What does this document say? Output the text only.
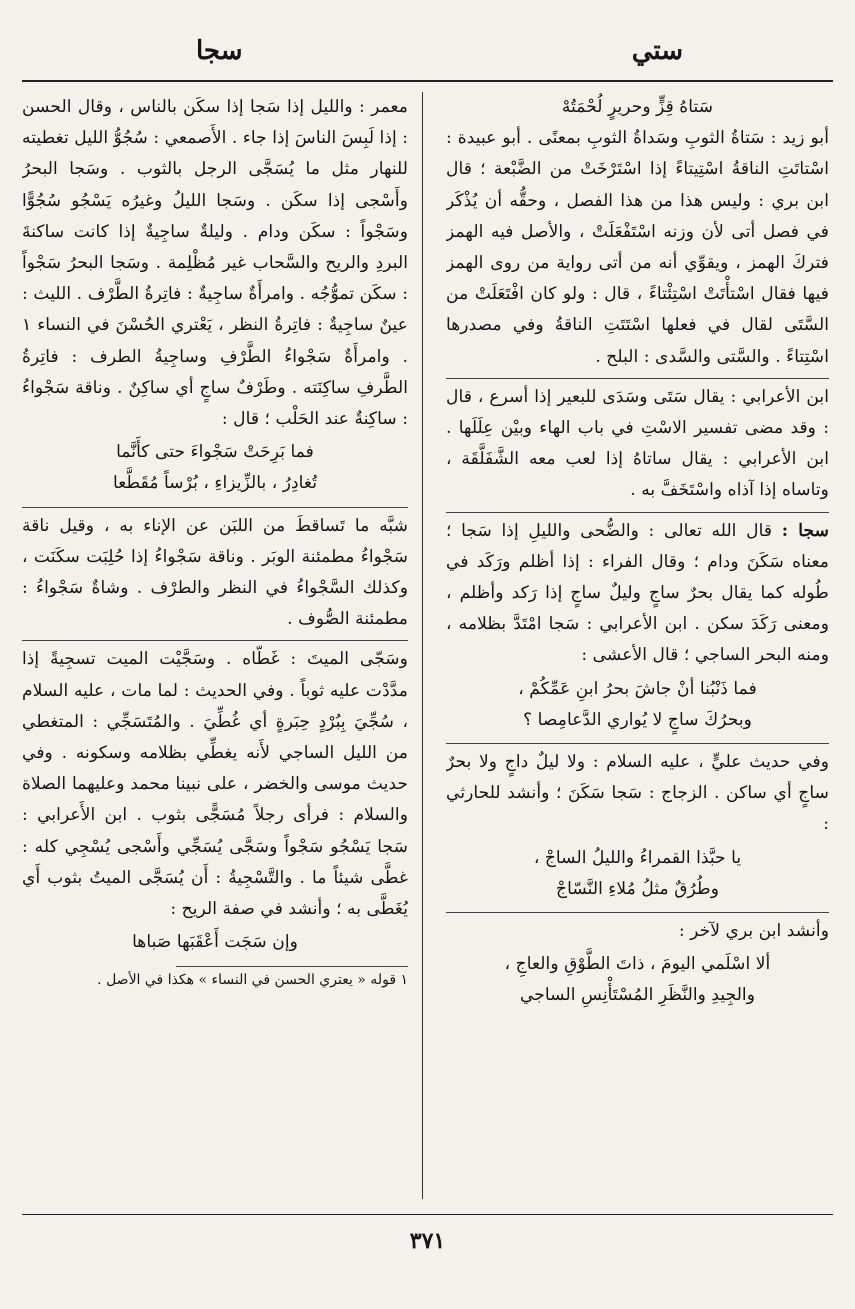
ستي
سجا

سَتاهُ قِزٍّ وحريرٍ لُحْمَتُهْ

أبو زيد : سَتاةُ الثوبِ وسَداةُ الثوبِ بمعنًى . أبو عبيدة : اسْتاتَتِ الناقةُ اسْتِيتاءً إذا اسْتَرْخَتْ من الضَّبْعة ؛ قال ابن بري : وليس هذا من هذا الفصل ، وحقُّه أن يُذْكَر في فصل أتى لأن وزنه اسْتَفْعَلَتْ ، والأصل فيه الهمز فتركَ الهمز ، ويقوِّي أنه من أتى رواية من روى الهمز فيها فقال اسْتأْتَتْ اسْتِئْتاءً ، قال : ولو كان افْتَعَلَتْ من السَّتَى لقال في فعلها اسْتَتَتِ الناقةُ وفي مصدرها اسْتِتاءً . والسَّتى والسَّدى : البلح .

ابن الأعرابي : يقال سَتَى وسَدَى للبعير إذا أسرع ، قال : وقد مضى تفسير الاسْتِ في باب الهاء وبيْن عِلَلَها . ابن الأعرابي : يقال ساتاهُ إذا لعب معه الشَّفَلَّقَة ، وتاساه إذا آذاه واسْتَخَفَّ به .

سجا : قال الله تعالى : والضُّحى والليلِ إذا سَجا ؛ معناه سَكَنَ ودام ؛ وقال الفراء : إذا أظلم ورَكَد في طُوله كما يقال بحرٌ ساجٍ وليلٌ ساجٍ إذا رَكد وأظلم ، ومعنى رَكَدَ سكن . ابن الأعرابي : سَجا امْتَدَّ بظلامه ، ومنه البحر الساجي ؛ قال الأعشى :

فما ذَنْبُنا أنْ جاشَ بحرُ ابنِ عَمِّكُمْ ،
وبحرُكَ ساجٍ لا يُواري الدَّعامِصا ؟

وفي حديث عليٍّ ، عليه السلام : ولا ليلٌ داجٍ ولا بحرٌ ساجٍ أي ساكن . الزجاج : سَجا سَكَنَ ؛ وأنشد للحارثي :

يا حبَّذا القمراءُ والليلُ الساجْ ،
وطُرُقٌ مثلُ مُلاءِ النَّسّاجْ

وأنشد ابن بري لآخر :

ألا اسْلَمي اليومَ ، ذاتَ الطَّوْقِ والعاجِ ،
والجِيدِ والنَّظَرِ المُسْتَأْنِسِ الساجي

معمر : والليل إذا سَجا إذا سكَن بالناس ، وقال الحسن : إذا لَبِسَ الناسَ إذا جاء . الأَصمعي : سُجُوُّ الليل تغطيته للنهار مثل ما يُسَجَّى الرجل بالثوب . وسَجا البحرُ وأَسْجى إذا سكَن . وسَجا الليلُ وغيرُه يَسْجُو سُجُوًّا وسَجْواً : سكَن ودام . وليلةٌ ساجِيةٌ إذا كانت ساكنةَ البردِ والريح والسَّحاب غير مُظْلِمة . وسَجا البحرُ سَجْواً : سكَن تموُّجُه . وامرأَةٌ ساجِيةٌ : فاتِرةُ الطَّرْف . الليث : عينٌ ساجِيةٌ : فاتِرةُ النظر ، يَعْتري الحُسْنَ في النساء ١ . وامرأَةٌ سَجْواءُ الطَّرْفِ وساجِيةُ الطرف : فاتِرةُ الطَّرفِ ساكِنَته . وطَرْفٌ ساجٍ أي ساكِنٌ . وناقة سَجْواءُ : ساكِنةٌ عند الحَلْب ؛ قال :

فما بَرِحَتْ سَجْواءَ حتى كأَنَّما
تُغادِرُ ، بالزِّيزاءِ ، بُرْساً مُقَطَّعا

شبَّه ما تَساقطَ من اللبَن عن الإناء به ، وقيل ناقة سَجْواءُ مطمئنة الوبَر . وناقة سَجْواءُ إذا حُلِبَت سكَنَت ، وكذلك السَّجْواءُ في النظر والطرْف . وشاةٌ سَجْواءُ : مطمئنة الصُّوف .

وسَجّى الميتَ : غَطّاه . وسَجَّيْت الميت تسجِيةً إذا مدَّدْت عليه ثوباً . وفي الحديث : لما مات ، عليه السلام ، سُجِّيَ بِبُرْدٍ حِبَرةٍ أي غُطِّيَ . والمُتَسَجِّي : المتغطي من الليل الساجي لأَنه يغطِّي بظلامه وسكونه . وفي حديث موسى والخضر ، على نبينا محمد وعليهما الصلاة والسلام : فرأى رجلاً مُسَجًّى بثوب . ابن الأَعرابي : سَجا يَسْجُو سَجْواً وسَجَّى يُسَجِّي وأَسْجى يُسْجِي كله : غطَّى شيئاً ما . والتَّسْجِيةُ : أَن يُسَجَّى الميتُ بثوب أَي يُغَطَّى به ؛ وأنشد في صفة الريح :

وإن سَجَت أَعْقَبَها صَباها

١ قوله « يعتري الحسن في النساء » هكذا في الأصل .

٣٧١
